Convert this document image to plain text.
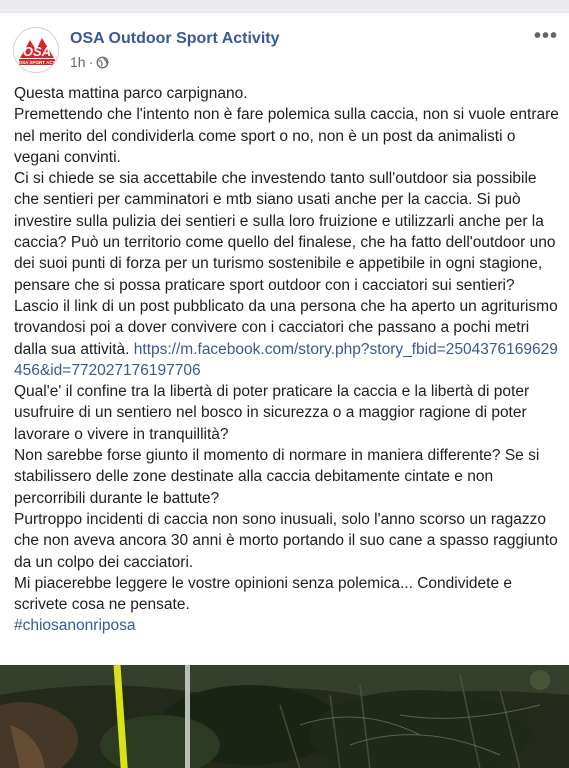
OSA
OSA SPORT ACT
OSA Outdoor Sport Activity
1h ·
•••

Questa mattina parco carpignano.

Premettendo che l'intento non è fare polemica sulla caccia, non si vuole entrare nel merito del condividerla come sport o no, non è un post da animalisti o vegani convinti.

Ci si chiede se sia accettabile che investendo tanto sull'outdoor sia possibile che sentieri per camminatori e mtb siano usati anche per la caccia. Si può investire sulla pulizia dei sentieri e sulla loro fruizione e utilizzarli anche per la caccia? Può un territorio come quello del finalese, che ha fatto dell'outdoor uno dei suoi punti di forza per un turismo sostenibile e appetibile in ogni stagione, pensare che si possa praticare sport outdoor con i cacciatori sui sentieri?

Lascio il link di un post pubblicato da una persona che ha aperto un agriturismo trovandosi poi a dover convivere con i cacciatori che passano a pochi metri dalla sua attività. https://m.facebook.com/story.php?story_fbid=2504376169629456&id=772027176197706

Qual'e' il confine tra la libertà di poter praticare la caccia e la libertà di poter usufruire di un sentiero nel bosco in sicurezza o a maggior ragione di poter lavorare o vivere in tranquillità?

Non sarebbe forse giunto il momento di normare in maniera differente? Se si stabilissero delle zone destinate alla caccia debitamente cintate e non percorribili durante le battute?

Purtroppo incidenti di caccia non sono inusuali, solo l'anno scorso un ragazzo che non aveva ancora 30 anni è morto portando il suo cane a spasso raggiunto da un colpo dei cacciatori.

Mi piacerebbe leggere le vostre opinioni senza polemica... Condividete e scrivete cosa ne pensate.

#chiosanonriposa
